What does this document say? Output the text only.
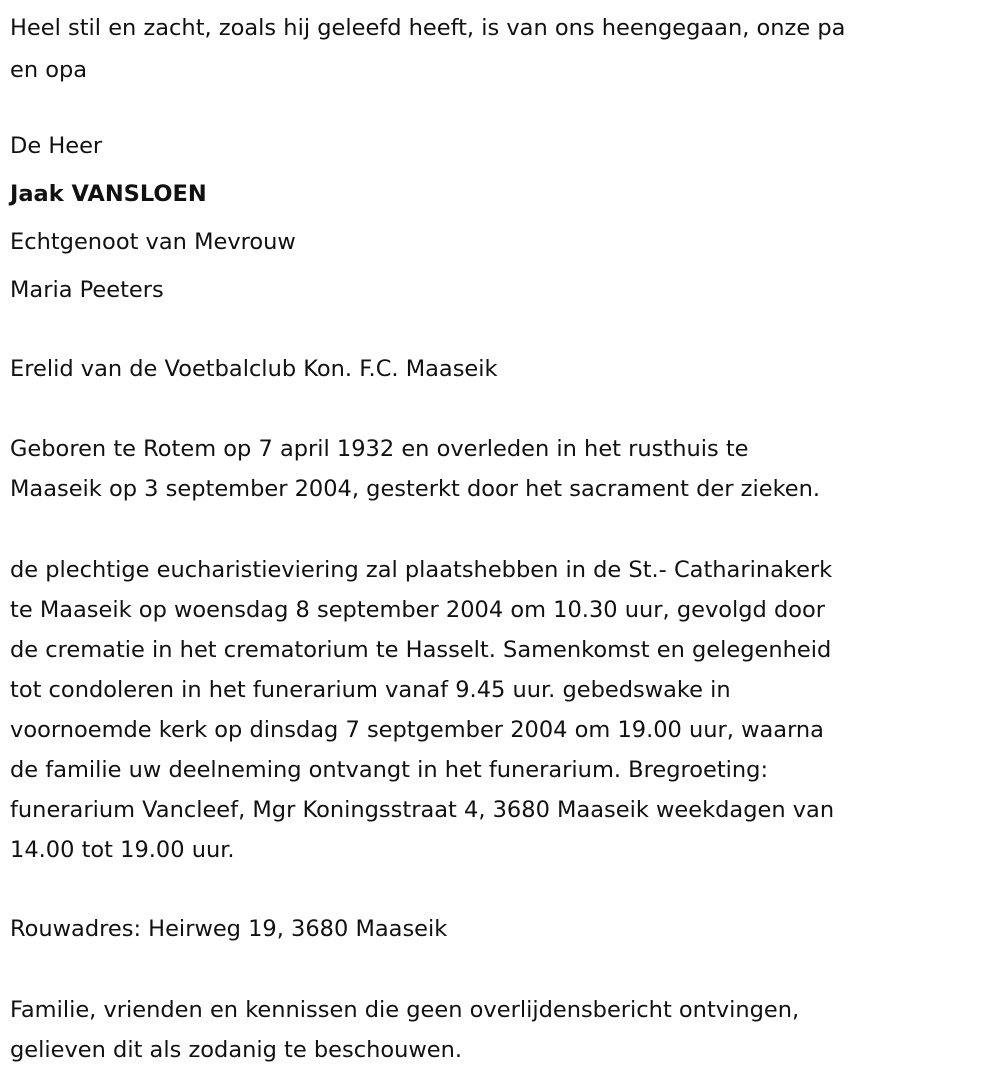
Heel stil en zacht, zoals hij geleefd heeft, is van ons heengegaan, onze pa
en opa
De Heer
Jaak VANSLOEN
Echtgenoot van Mevrouw
Maria Peeters
Erelid van de Voetbalclub Kon. F.C. Maaseik
Geboren te Rotem op 7 april 1932 en overleden in het rusthuis te
Maaseik op 3 september 2004, gesterkt door het sacrament der zieken.
de plechtige eucharistieviering zal plaatshebben in de St.- Catharinakerk
te Maaseik op woensdag 8 september 2004 om 10.30 uur, gevolgd door
de crematie in het crematorium te Hasselt. Samenkomst en gelegenheid
tot condoleren in het funerarium vanaf 9.45 uur. gebedswake in
voornoemde kerk op dinsdag 7 septgember 2004 om 19.00 uur, waarna
de familie uw deelneming ontvangt in het funerarium. Bregroeting:
funerarium Vancleef, Mgr Koningsstraat 4, 3680 Maaseik weekdagen van
14.00 tot 19.00 uur.
Rouwadres: Heirweg 19, 3680 Maaseik
Familie, vrienden en kennissen die geen overlijdensbericht ontvingen,
gelieven dit als zodanig te beschouwen.
